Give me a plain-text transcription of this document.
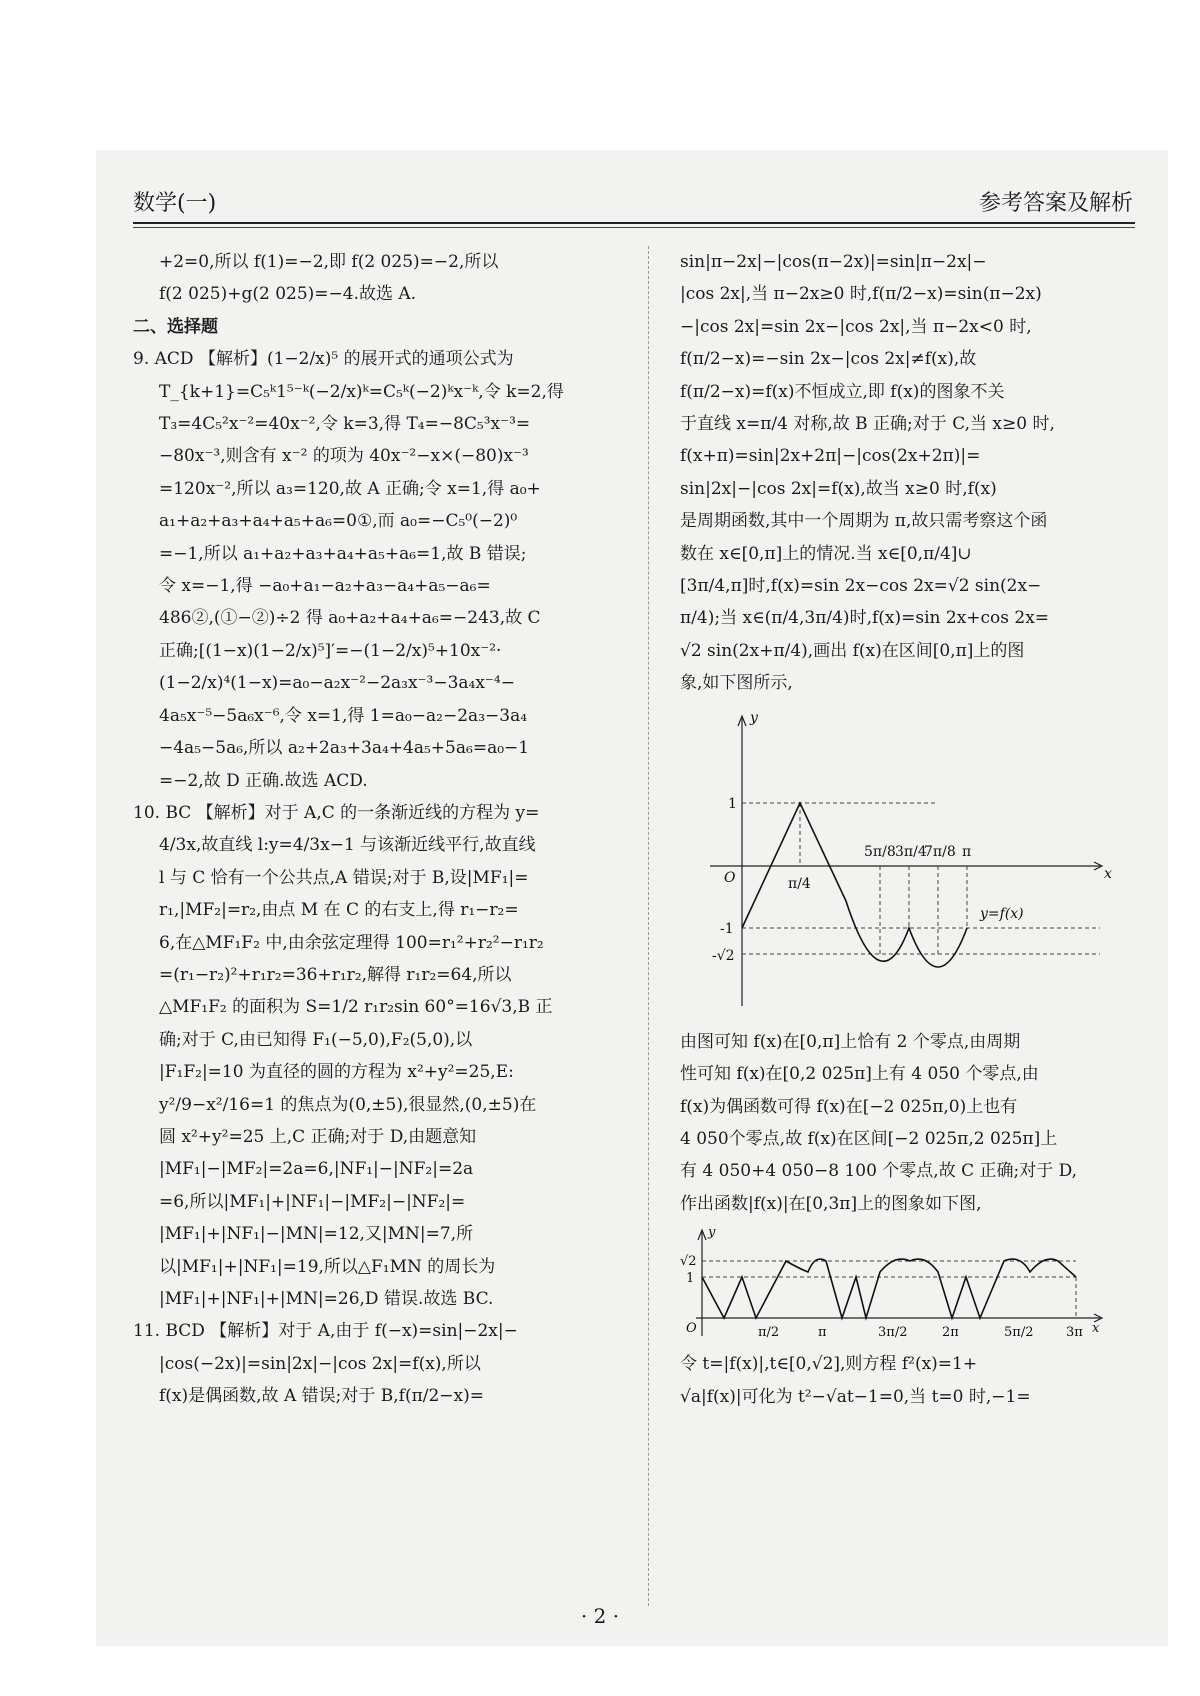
数学(一)	参考答案及解析
+2=0,所以 f(1)=−2,即 f(2 025)=−2,所以
f(2 025)+g(2 025)=−4.故选 A.
二、选择题
9. ACD 【解析】(1−2/x)⁵ 的展开式的通项公式为
T_{k+1}=C₅ᵏ1⁵⁻ᵏ(−2/x)ᵏ=C₅ᵏ(−2)ᵏx⁻ᵏ,令 k=2,得
T₃=4C₅²x⁻²=40x⁻²,令 k=3,得 T₄=−8C₅³x⁻³=
−80x⁻³,则含有 x⁻² 的项为 40x⁻²−x×(−80)x⁻³
=120x⁻²,所以 a₃=120,故 A 正确;令 x=1,得 a₀+
a₁+a₂+a₃+a₄+a₅+a₆=0①,而 a₀=−C₅⁰(−2)⁰
=−1,所以 a₁+a₂+a₃+a₄+a₅+a₆=1,故 B 错误;
令 x=−1,得 −a₀+a₁−a₂+a₃−a₄+a₅−a₆=
486②,(①−②)÷2 得 a₀+a₂+a₄+a₆=−243,故 C
正确;[(1−x)(1−2/x)⁵]′=−(1−2/x)⁵+10x⁻²·
(1−2/x)⁴(1−x)=a₀−a₂x⁻²−2a₃x⁻³−3a₄x⁻⁴−
4a₅x⁻⁵−5a₆x⁻⁶,令 x=1,得 1=a₀−a₂−2a₃−3a₄
−4a₅−5a₆,所以 a₂+2a₃+3a₄+4a₅+5a₆=a₀−1
=−2,故 D 正确.故选 ACD.
10. BC 【解析】对于 A,C 的一条渐近线的方程为 y=
4/3x,故直线 l:y=4/3x−1 与该渐近线平行,故直线
l 与 C 恰有一个公共点,A 错误;对于 B,设|MF₁|=
r₁,|MF₂|=r₂,由点 M 在 C 的右支上,得 r₁−r₂=
6,在△MF₁F₂ 中,由余弦定理得 100=r₁²+r₂²−r₁r₂
=(r₁−r₂)²+r₁r₂=36+r₁r₂,解得 r₁r₂=64,所以
△MF₁F₂ 的面积为 S=1/2 r₁r₂sin 60°=16√3,B 正
确;对于 C,由已知得 F₁(−5,0),F₂(5,0),以
|F₁F₂|=10 为直径的圆的方程为 x²+y²=25,E:
y²/9−x²/16=1 的焦点为(0,±5),很显然,(0,±5)在
圆 x²+y²=25 上,C 正确;对于 D,由题意知
|MF₁|−|MF₂|=2a=6,|NF₁|−|NF₂|=2a
=6,所以|MF₁|+|NF₁|−|MF₂|−|NF₂|=
|MF₁|+|NF₁|−|MN|=12,又|MN|=7,所
以|MF₁|+|NF₁|=19,所以△F₁MN 的周长为
|MF₁|+|NF₁|+|MN|=26,D 错误.故选 BC.
11. BCD 【解析】对于 A,由于 f(−x)=sin|−2x|−
|cos(−2x)|=sin|2x|−|cos 2x|=f(x),所以
f(x)是偶函数,故 A 错误;对于 B,f(π/2−x)=
sin|π−2x|−|cos(π−2x)|=sin|π−2x|−
|cos 2x|,当 π−2x≥0 时,f(π/2−x)=sin(π−2x)
−|cos 2x|=sin 2x−|cos 2x|,当 π−2x<0 时,
f(π/2−x)=−sin 2x−|cos 2x|≠f(x),故
f(π/2−x)=f(x)不恒成立,即 f(x)的图象不关
于直线 x=π/4 对称,故 B 正确;对于 C,当 x≥0 时,
f(x+π)=sin|2x+2π|−|cos(2x+2π)|=
sin|2x|−|cos 2x|=f(x),故当 x≥0 时,f(x)
是周期函数,其中一个周期为 π,故只需考察这个函
数在 x∈[0,π]上的情况.当 x∈[0,π/4]∪
[3π/4,π]时,f(x)=sin 2x−cos 2x=√2 sin(2x−
π/4);当 x∈(π/4,3π/4)时,f(x)=sin 2x+cos 2x=
√2 sin(2x+π/4),画出 f(x)在区间[0,π]上的图
象,如下图所示,
y
x
O
1
-1
-√2
π/4
5π/8 3π/4
7π/8 π
y=f(x)
由图可知 f(x)在[0,π]上恰有 2 个零点,由周期
性可知 f(x)在[0,2 025π]上有 4 050 个零点,由
f(x)为偶函数可得 f(x)在[−2 025π,0)上也有
4 050个零点,故 f(x)在区间[−2 025π,2 025π]上
有 4 050+4 050−8 100 个零点,故 C 正确;对于 D,
作出函数|f(x)|在[0,3π]上的图象如下图,
y
x
O
√2
1
π/2	π	3π/2	2π	5π/2	3π
令 t=|f(x)|,t∈[0,√2],则方程 f²(x)=1+
√a|f(x)|可化为 t²−√at−1=0,当 t=0 时,−1=
· 2 ·
